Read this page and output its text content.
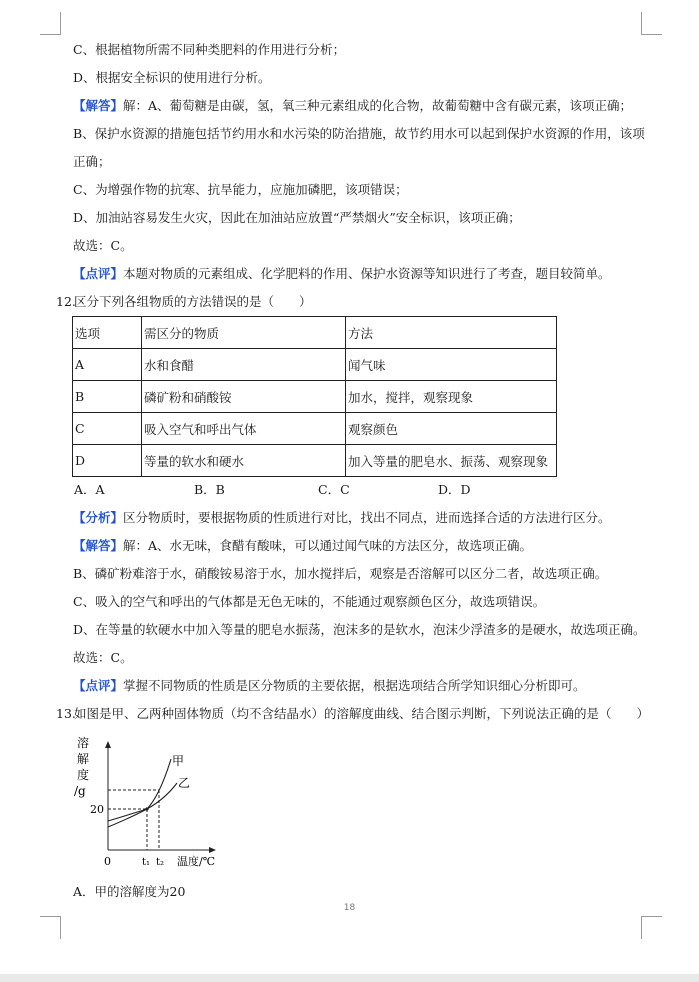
C、根据植物所需不同种类肥料的作用进行分析；
D、根据安全标识的使用进行分析。
【解答】解：A、葡萄糖是由碳，氢，氧三种元素组成的化合物，故葡萄糖中含有碳元素，该项正确；
B、保护水资源的措施包括节约用水和水污染的防治措施，故节约用水可以起到保护水资源的作用，该项
正确；
C、为增强作物的抗寒、抗旱能力，应施加磷肥，该项错误；
D、加油站容易发生火灾，因此在加油站应放置“严禁烟火”安全标识，该项正确；
故选：C。
【点评】本题对物质的元素组成、化学肥料的作用、保护水资源等知识进行了考查，题目较简单。
12.
区分下列各组物质的方法错误的是（　　）
选项	需区分的物质	方法
A	水和食醋	闻气味
B	磷矿粉和硝酸铵	加水，搅拌，观察现象
C	吸入空气和呼出气体	观察颜色
D	等量的软水和硬水	加入等量的肥皂水、振荡、观察现象
A．A	B．B	C．C	D．D
【分析】区分物质时，要根据物质的性质进行对比，找出不同点，进而选择合适的方法进行区分。
【解答】解：A、水无味，食醋有酸味，可以通过闻气味的方法区分，故选项正确。
B、磷矿粉难溶于水，硝酸铵易溶于水，加水搅拌后，观察是否溶解可以区分二者，故选项正确。
C、吸入的空气和呼出的气体都是无色无味的，不能通过观察颜色区分，故选项错误。
D、在等量的软硬水中加入等量的肥皂水振荡，泡沫多的是软水，泡沫少浮渣多的是硬水，故选项正确。
故选：C。
【点评】掌握不同物质的性质是区分物质的主要依据，根据选项结合所学知识细心分析即可。
13.
如图是甲、乙两种固体物质（均不含结晶水）的溶解度曲线、结合图示判断，下列说法正确的是（　　）
溶
解
度
/g
甲
乙
20
0	t₁ t₂ 温度/℃
A．甲的溶解度为20
18
